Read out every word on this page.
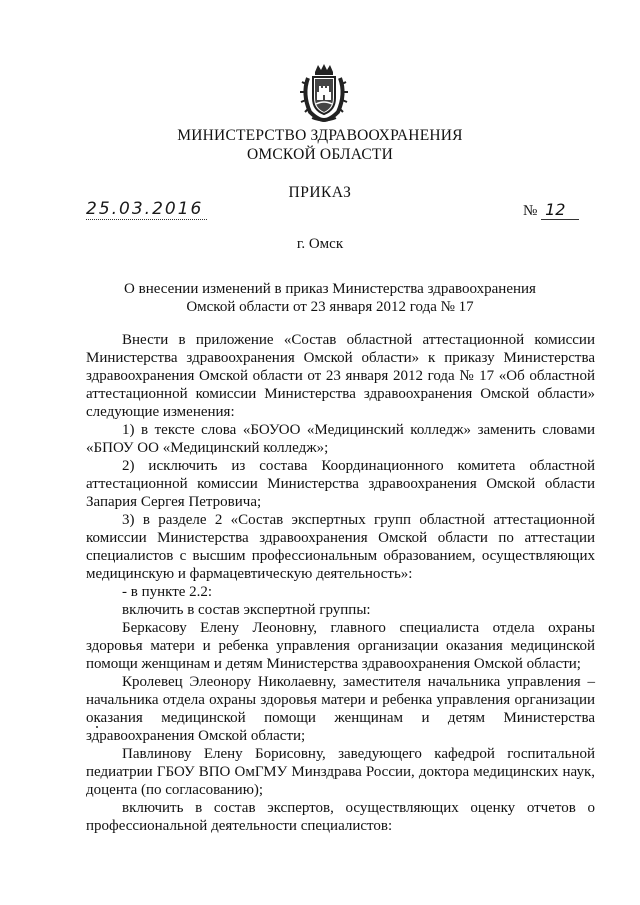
МИНИСТЕРСТВО ЗДРАВООХРАНЕНИЯ
ОМСКОЙ ОБЛАСТИ
ПРИКАЗ
25.03.2016	№ 12
г. Омск
О внесении изменений в приказ Министерства здравоохранения
Омской области от 23 января 2012 года № 17

Внести в приложение «Состав областной аттестационной комиссии Министерства здравоохранения Омской области» к приказу Министерства здравоохранения Омской области от 23 января 2012 года № 17 «Об областной аттестационной комиссии Министерства здравоохранения Омской области» следующие изменения:

1) в тексте слова «БОУОО «Медицинский колледж» заменить словами «БПОУ ОО «Медицинский колледж»;

2) исключить из состава Координационного комитета областной аттестационной комиссии Министерства здравоохранения Омской области Запария Сергея Петровича;

3) в разделе 2 «Состав экспертных групп областной аттестационной комиссии Министерства здравоохранения Омской области по аттестации специалистов с высшим профессиональным образованием, осуществляющих медицинскую и фармацевтическую деятельность»:

- в пункте 2.2:

включить в состав экспертной группы:

Беркасову Елену Леоновну, главного специалиста отдела охраны здоровья матери и ребенка управления организации оказания медицинской помощи женщинам и детям Министерства здравоохранения Омской области;

Кролевец Элеонору Николаевну, заместителя начальника управления – начальника отдела охраны здоровья матери и ребенка управления организации оказания медицинской помощи женщинам и детям Министерства здравоохранения Омской области;

Павлинову Елену Борисовну, заведующего кафедрой госпитальной педиатрии ГБОУ ВПО ОмГМУ Минздрава России, доктора медицинских наук, доцента (по согласованию);

включить в состав экспертов, осуществляющих оценку отчетов о профессиональной деятельности специалистов:
